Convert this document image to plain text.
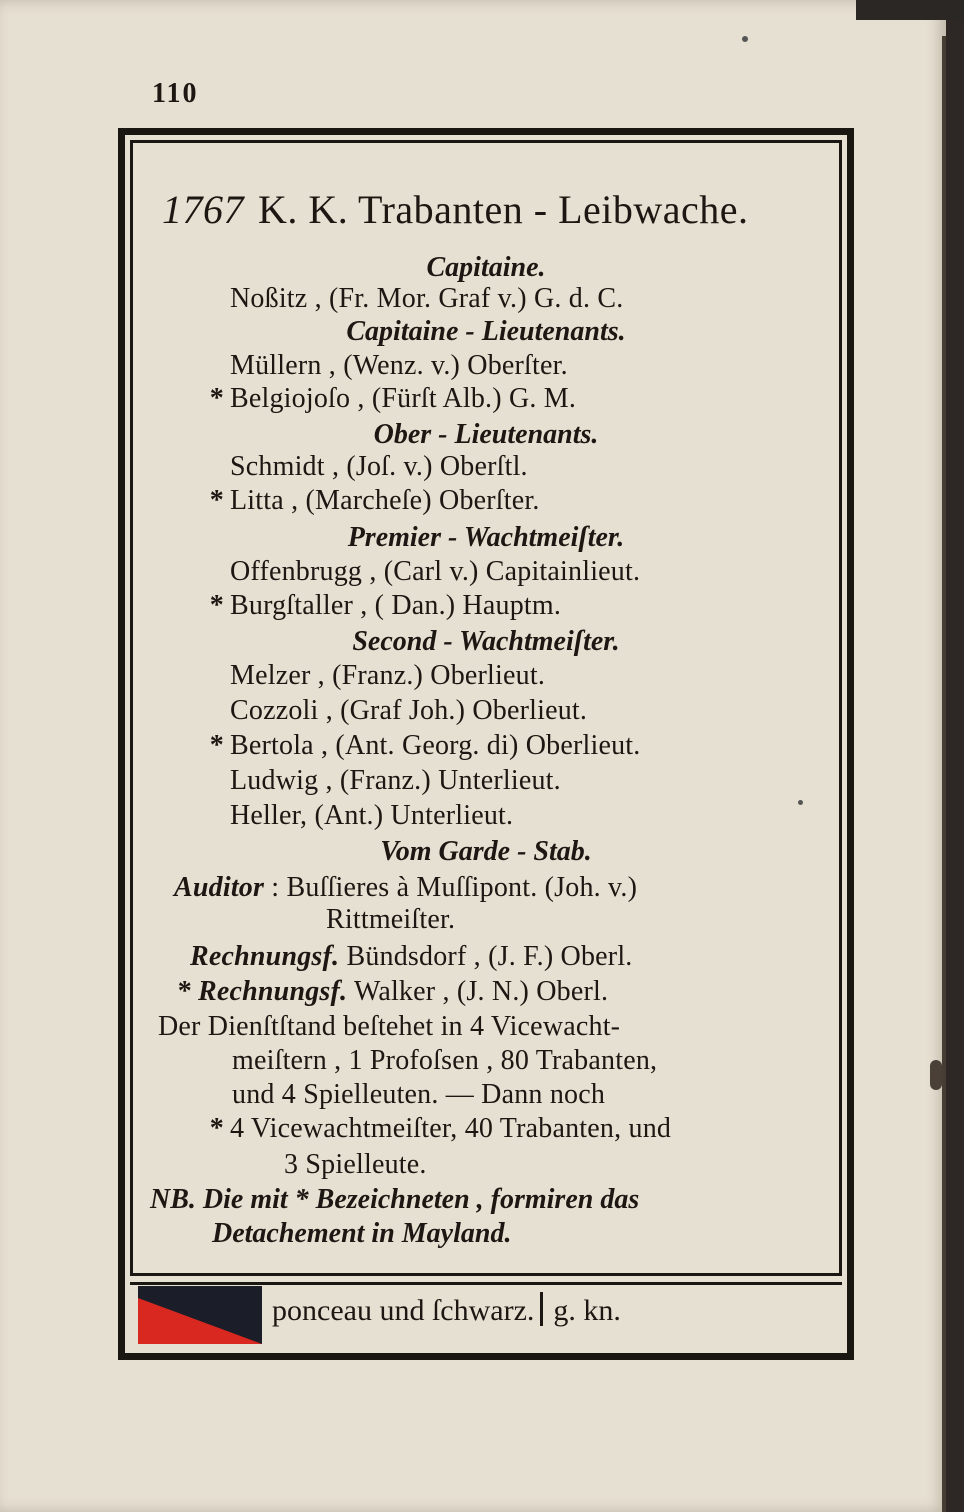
110
1767 K. K. Trabanten - Leibwache.
Capitaine.
Noßitz , (Fr. Mor. Graf v.) G. d. C.
Capitaine - Lieutenants.
Müllern , (Wenz. v.) Oberſter.
* Belgiojoſo , (Fürſt Alb.) G. M.
Ober - Lieutenants.
Schmidt , (Joſ. v.) Oberſtl.
* Litta , (Marcheſe) Oberſter.
Premier - Wachtmeiſter.
Offenbrugg , (Carl v.) Capitainlieut.
* Burgſtaller , ( Dan.) Hauptm.
Second - Wachtmeiſter.
Melzer , (Franz.) Oberlieut.
Cozzoli , (Graf Joh.) Oberlieut.
* Bertola , (Ant. Georg. di) Oberlieut.
Ludwig , (Franz.) Unterlieut.
Heller, (Ant.) Unterlieut.
Vom Garde - Stab.
Auditor : Buſſieres à Muſſipont. (Joh. v.)
Rittmeiſter.
Rechnungsf. Bündsdorf , (J. F.) Oberl.
* Rechnungsf. Walker , (J. N.) Oberl.
Der Dienſtſtand beſtehet in 4 Vicewacht-
meiſtern , 1 Profoſsen , 80 Trabanten,
und 4 Spielleuten. — Dann noch
* 4 Vicewachtmeiſter, 40 Trabanten, und
3 Spielleute.
NB. Die mit * Bezeichneten , formiren das
Detachement in Mayland.
ponceau und ſchwarz. g. kn.
